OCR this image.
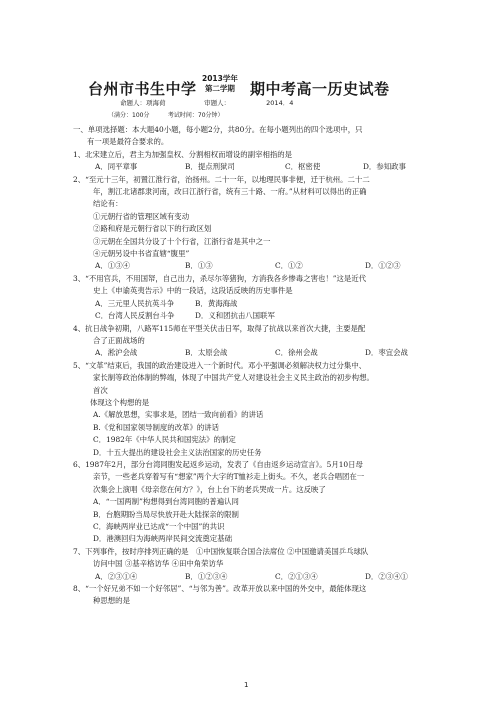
台州市书生中学
2013学年
第二学期 期中考高一历史试卷
命题人：项海荷	审题人：	2014．4
（满分：100分	考试时间：70分钟）

一、单项选择题：本大题40小题，每小题2分，共80分。在每小题列出的四个选项中，只

有一项是最符合要求的。

1、北宋建立后，君主为加强皇权、分割相权而增设的副宰相指的是

A．同平章事	B．提点刑狱司	C．枢密使	D．参知政事

2、“至元十三年，初置江淮行省，治扬州。二十一年，以地理民事非便，迁于杭州。二十二

年，割江北诸郡隶河南，改曰江浙行省，统有三十路、一府。”从材料可以得出的正确

结论有：

①元朝行省的管理区域有变动

②路和府是元朝行省以下的行政区划

③元朝在全国共分设了十个行省，江浙行省是其中之一

④元朝另设中书省直辖“腹里”

A．①③④	B．①③	C．①②	D．①②③

3、“不用官兵，不用国帑，自己出力，杀尽尔等猪狗，方消我各乡惨毒之害也！”这是近代

史上《申谕英夷告示》中的一段话，这段话反映的历史事件是

A．三元里人民抗英斗争	B．黄海海战

C．台湾人民反割台斗争	D．义和团抗击八国联军

4、抗日战争初期，八路军115师在平型关伏击日军，取得了抗战以来首次大捷，主要是配

合了正面战场的

A．淞沪会战	B．太原会战	C．徐州会战	D．枣宜会战

5、“文革”结束后，我国的政治建设进入一个新时代。邓小平强调必须解决权力过分集中、

家长制等政治体制的弊端，体现了中国共产党人对建设社会主义民主政治的初步构想。

首次

体现这个构想的是

A.《解放思想，实事求是，团结一致向前看》的讲话

B.《党和国家领导制度的改革》的讲话

C．1982年《中华人民共和国宪法》的制定

D．十五大提出的建设社会主义法治国家的历史任务

6、1987年2月，部分台湾同胞发起返乡运动，发表了《自由返乡运动宣言》。5月10日母

亲节，一些老兵穿着写有“想家”两个大字的T恤衫走上街头。不久，老兵合唱团在一

次集会上演唱《母亲您在何方？》，台上台下的老兵哭成一片。这反映了

A．“一国两制”构想得到台湾同胞的普遍认同

B．台胞期盼当局尽快放开赴大陆探亲的限制

C．海峡两岸业已达成“一个中国”的共识

D．港澳回归为海峡两岸民间交流奠定基础

7、下列事件，按时序排列正确的是　①中国恢复联合国合法席位 ②中国邀请美国乒乓球队

访问中国 ③基辛格访华 ④田中角荣访华

A．②③①④	B．①②③④	C．②①③④	D．②③④①

8、“一个好兄弟不如一个好邻居”、“与邻为善”。改革开放以来中国的外交中，最能体现这

种思想的是

1
